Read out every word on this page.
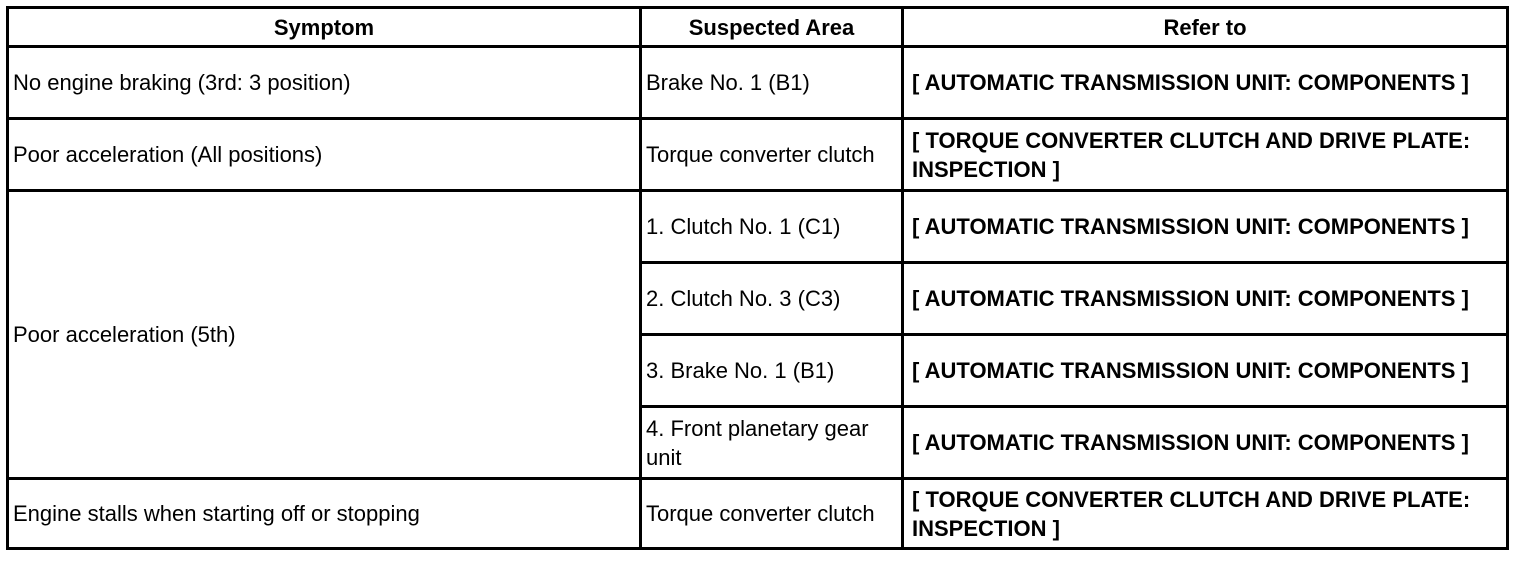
Symptom	Suspected Area	Refer to
No engine braking (3rd: 3 position)	Brake No. 1 (B1)	[ AUTOMATIC TRANSMISSION UNIT: COMPONENTS ]
Poor acceleration (All positions)	Torque converter clutch	[ TORQUE CONVERTER CLUTCH AND DRIVE PLATE: INSPECTION ]
Poor acceleration (5th)	1. Clutch No. 1 (C1)	[ AUTOMATIC TRANSMISSION UNIT: COMPONENTS ]
	2. Clutch No. 3 (C3)	[ AUTOMATIC TRANSMISSION UNIT: COMPONENTS ]
	3. Brake No. 1 (B1)	[ AUTOMATIC TRANSMISSION UNIT: COMPONENTS ]
	4. Front planetary gear unit	[ AUTOMATIC TRANSMISSION UNIT: COMPONENTS ]
Engine stalls when starting off or stopping	Torque converter clutch	[ TORQUE CONVERTER CLUTCH AND DRIVE PLATE: INSPECTION ]
